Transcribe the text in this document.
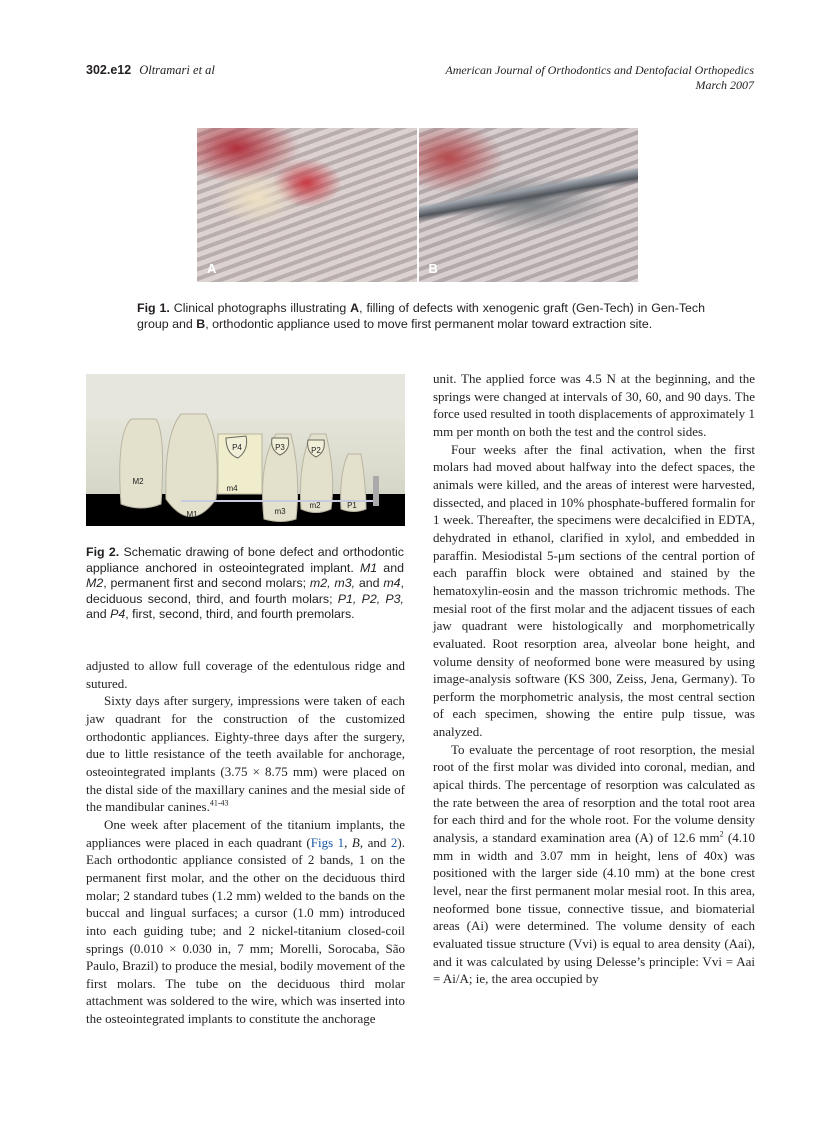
302.e12 Oltramari et al	American Journal of Orthodontics and Dentofacial Orthopedics
March 2007
A	B
Fig 1. Clinical photographs illustrating A, filling of defects with xenogenic graft (Gen-Tech) in Gen-Tech group and B, orthodontic appliance used to move first permanent molar toward extraction site.
M2
m4
M1
P4	P3	P2
m3
m2	P1
Fig 2. Schematic drawing of bone defect and orthodontic appliance anchored in osteointegrated implant. M1 and M2, permanent first and second molars; m2, m3, and m4, deciduous second, third, and fourth molars; P1, P2, P3, and P4, first, second, third, and fourth premolars.

adjusted to allow full coverage of the edentulous ridge and sutured.

Sixty days after surgery, impressions were taken of each jaw quadrant for the construction of the customized orthodontic appliances. Eighty-three days after the surgery, due to little resistance of the teeth available for anchorage, osteointegrated implants (3.75 × 8.75 mm) were placed on the distal side of the maxillary canines and the mesial side of the mandibular canines.$^{41-43}$

One week after placement of the titanium implants, the appliances were placed in each quadrant (Figs 1, B, and 2). Each orthodontic appliance consisted of 2 bands, 1 on the permanent first molar, and the other on the deciduous third molar; 2 standard tubes (1.2 mm) welded to the bands on the buccal and lingual surfaces; a cursor (1.0 mm) introduced into each guiding tube; and 2 nickel-titanium closed-coil springs (0.010 × 0.030 in, 7 mm; Morelli, Sorocaba, São Paulo, Brazil) to produce the mesial, bodily movement of the first molars. The tube on the deciduous third molar attachment was soldered to the wire, which was inserted into the osteointegrated implants to constitute the anchorage

unit. The applied force was 4.5 N at the beginning, and the springs were changed at intervals of 30, 60, and 90 days. The force used resulted in tooth displacements of approximately 1 mm per month on both the test and the control sides.

Four weeks after the final activation, when the first molars had moved about halfway into the defect spaces, the animals were killed, and the areas of interest were harvested, dissected, and placed in 10% phosphate-buffered formalin for 1 week. Thereafter, the specimens were decalcified in EDTA, dehydrated in ethanol, clarified in xylol, and embedded in paraffin. Mesiodistal 5-μm sections of the central portion of each paraffin block were obtained and stained by the hematoxylin-eosin and the masson trichromic methods. The mesial root of the first molar and the adjacent tissues of each jaw quadrant were histologically and morphometrically evaluated. Root resorption area, alveolar bone height, and volume density of neoformed bone were measured by using image-analysis software (KS 300, Zeiss, Jena, Germany). To perform the morphometric analysis, the most central section of each specimen, showing the entire pulp tissue, was analyzed.

To evaluate the percentage of root resorption, the mesial root of the first molar was divided into coronal, median, and apical thirds. The percentage of resorption was calculated as the rate between the area of resorption and the total root area for each third and for the whole root. For the volume density analysis, a standard examination area (A) of 12.6 $mm^2$ (4.10 mm in width and 3.07 mm in height, lens of 40x) was positioned with the larger side (4.10 mm) at the bone crest level, near the first permanent molar mesial root. In this area, neoformed bone tissue, connective tissue, and biomaterial areas (Ai) were determined. The volume density of each evaluated tissue structure (Vvi) is equal to area density (Aai), and it was calculated by using Delesse’s principle: Vvi = Aai = Ai/A; ie, the area occupied by
